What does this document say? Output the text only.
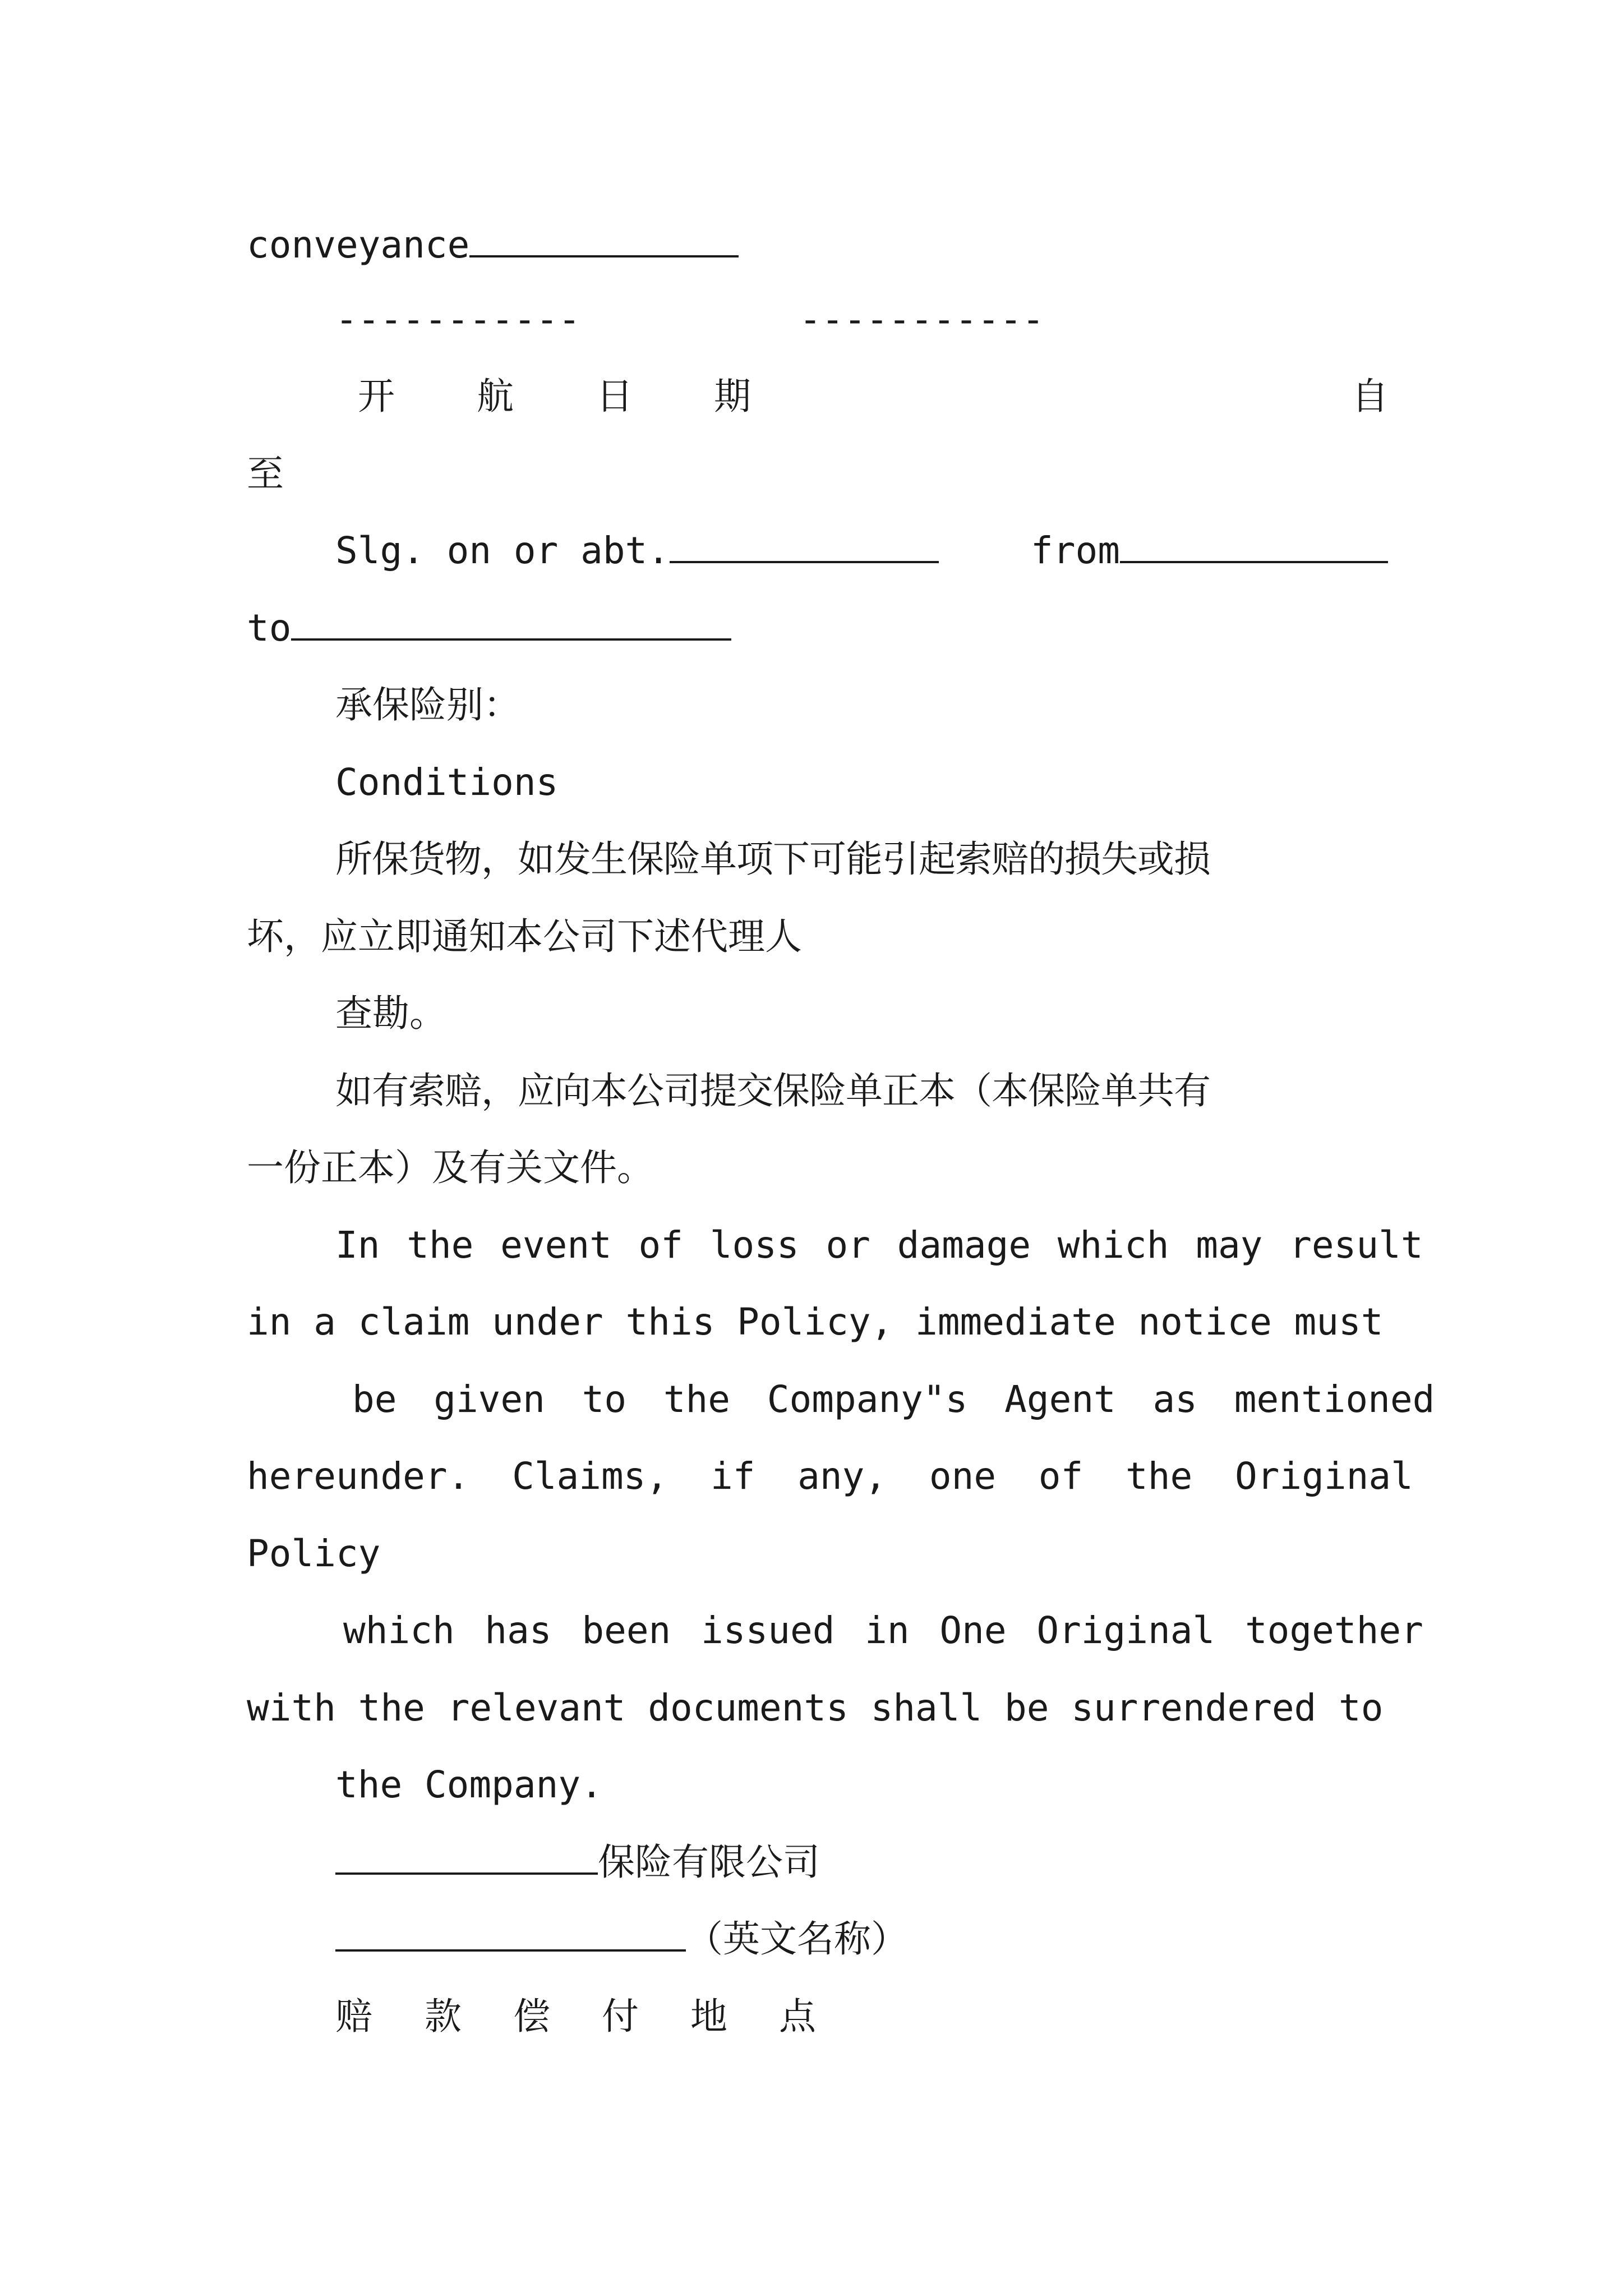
conveyance
-----------	-----------
开 航 日 期	自
至
Slg. on or abt.	from
to
承保险别：
Conditions
所保货物，如发生保险单项下可能引起索赔的损失或损
坏，应立即通知本公司下述代理人
查勘。
如有索赔，应向本公司提交保险单正本（本保险单共有
一份正本）及有关文件。
In the event of loss or damage which may result
in a claim under this Policy, immediate notice must
be given to the Company"s Agent as mentioned
hereunder. Claims, if any, one of the Original
Policy
which has been issued in One Original together
with the relevant documents shall be surrendered to
the Company.
保险有限公司
（英文名称）
赔 款 偿 付 地 点
